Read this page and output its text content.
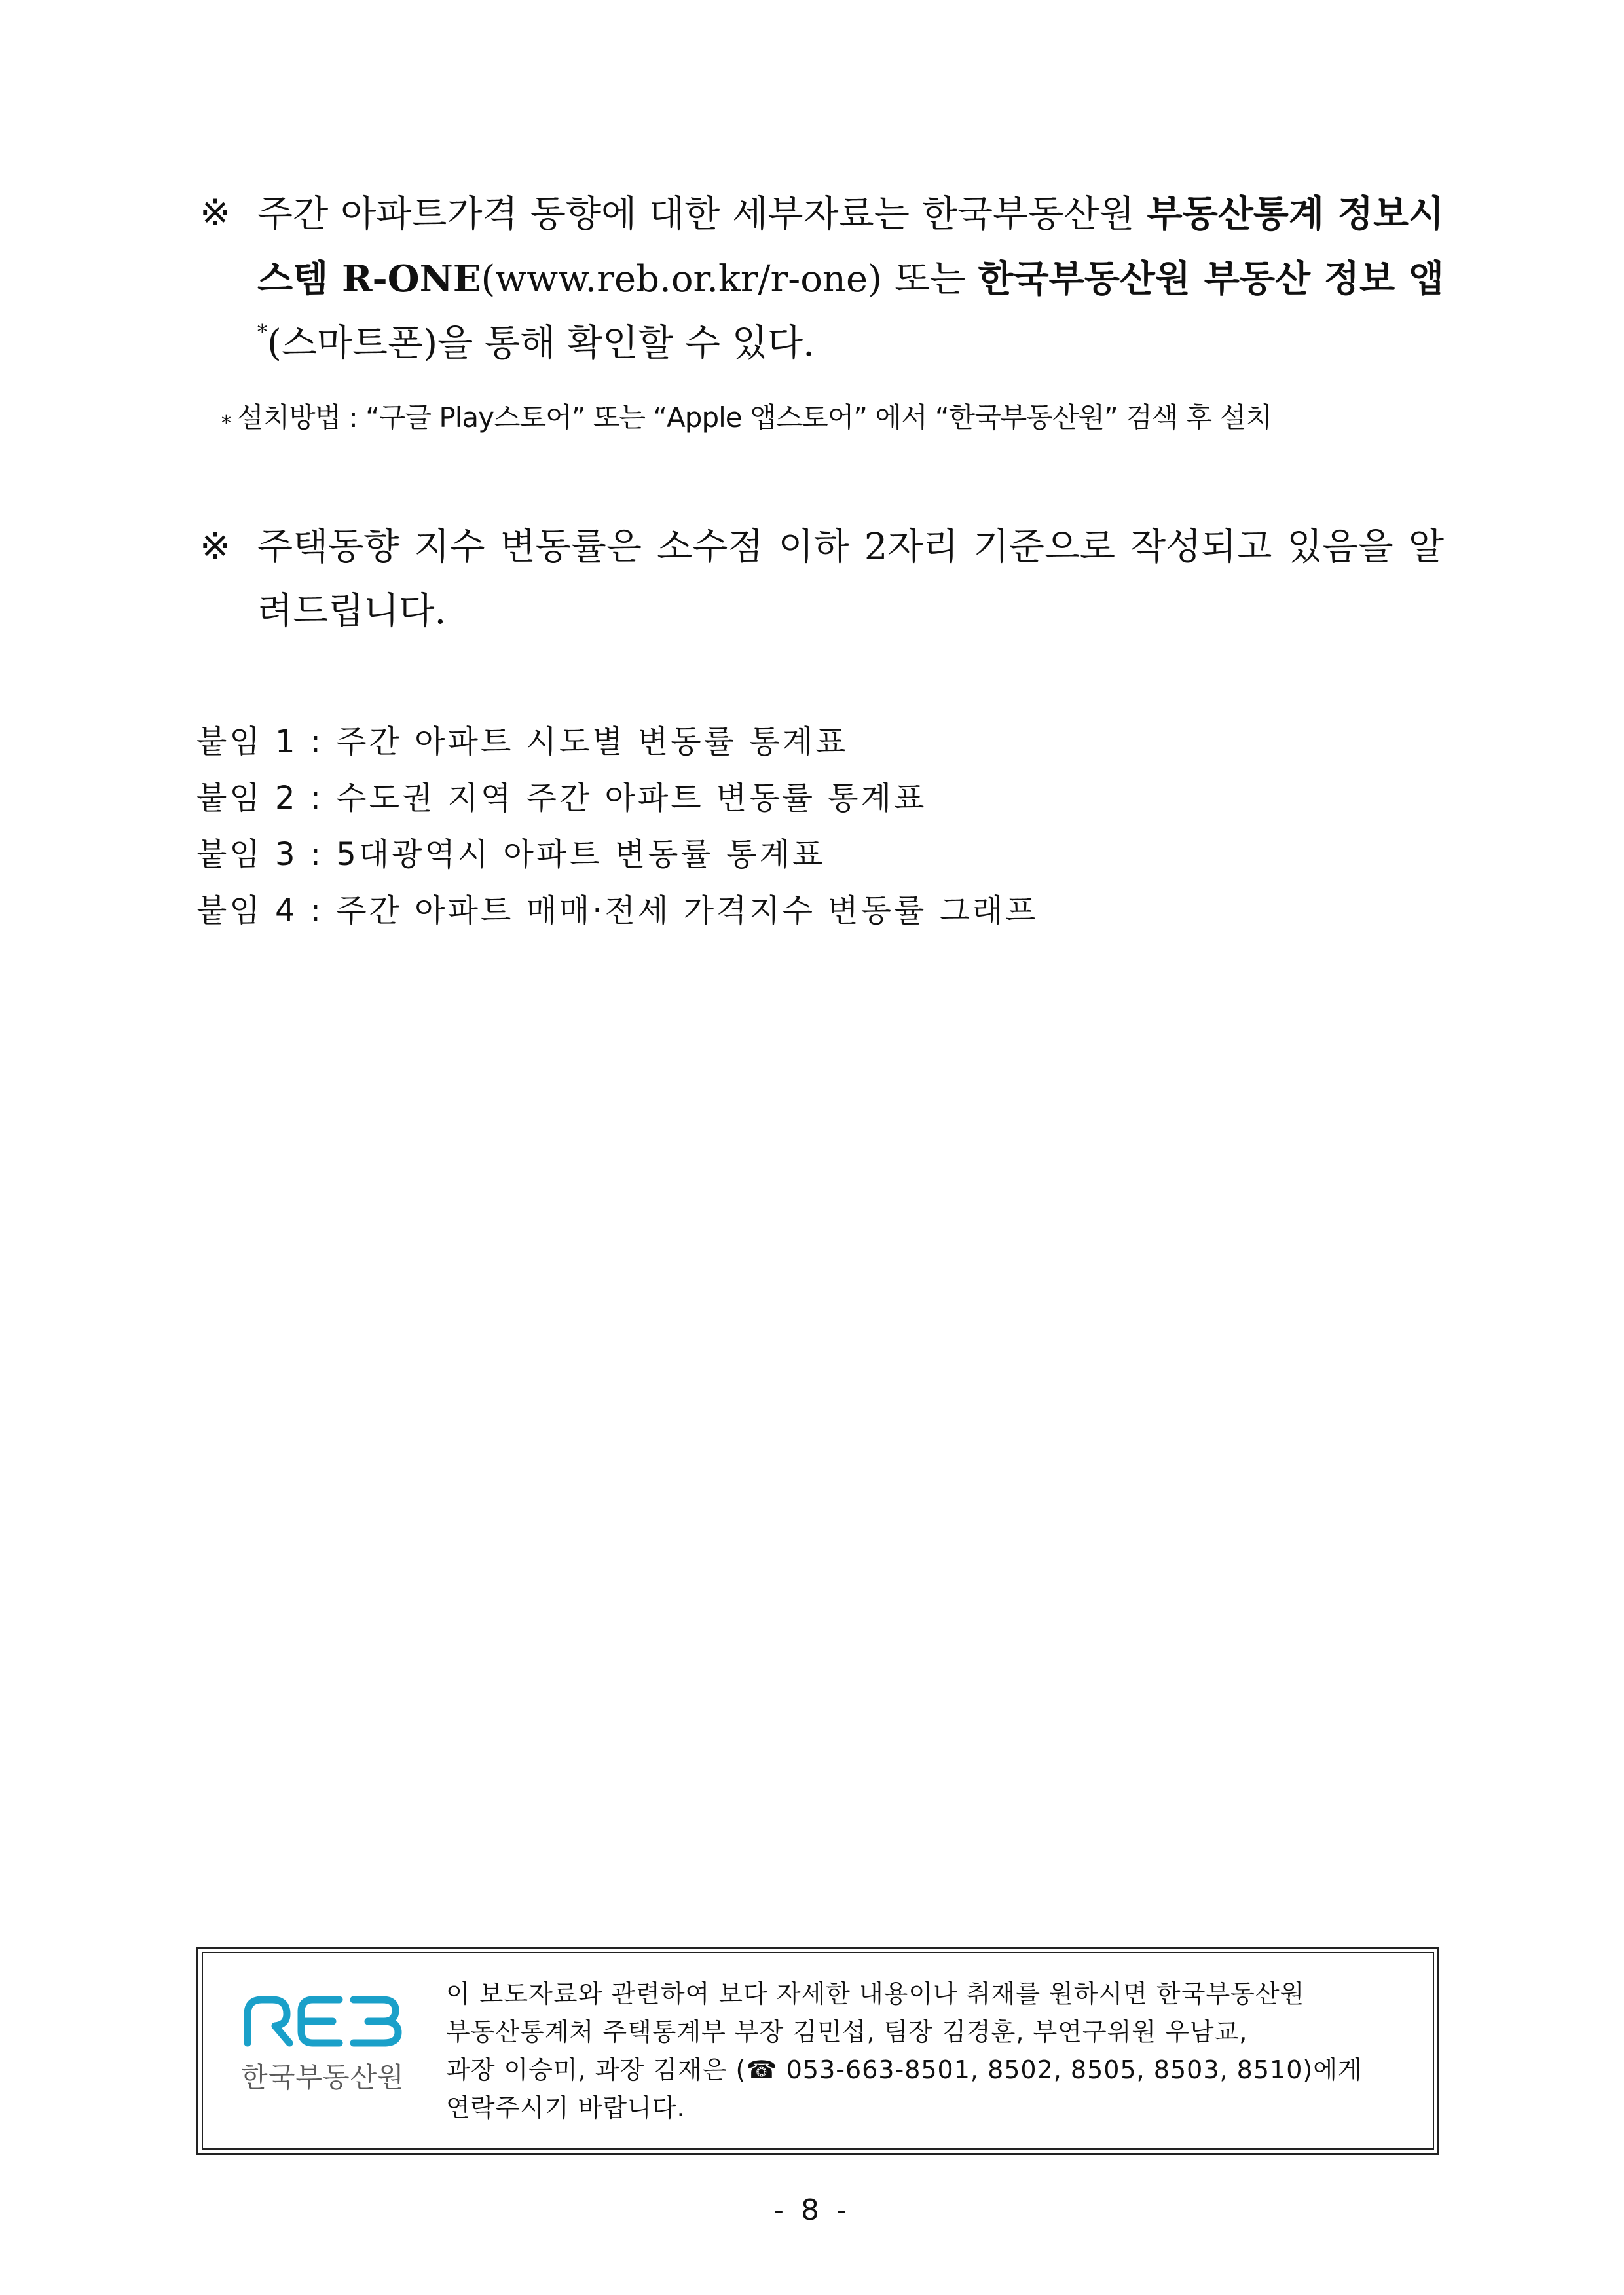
※ 주간 아파트가격 동향에 대한 세부자료는 한국부동산원 부동산통계 정보시스템 R-ONE(www.reb.or.kr/r-one) 또는 한국부동산원 부동산 정보 앱*(스마트폰)을 통해 확인할 수 있다.
* 설치방법 : “구글 Play스토어” 또는 “Apple 앱스토어” 에서 “한국부동산원” 검색 후 설치
※ 주택동향 지수 변동률은 소수점 이하 2자리 기준으로 작성되고 있음을 알려드립니다.
붙임 1 : 주간 아파트 시도별 변동률 통계표
붙임 2 : 수도권 지역 주간 아파트 변동률 통계표
붙임 3 : 5대광역시 아파트 변동률 통계표
붙임 4 : 주간 아파트 매매·전세 가격지수 변동률 그래프
한국부동산원

이 보도자료와 관련하여 보다 자세한 내용이나 취재를 원하시면 한국부동산원

부동산통계처 주택통계부 부장 김민섭, 팀장 김경훈, 부연구위원 우남교,

과장 이승미, 과장 김재은 (☎ 053-663-8501, 8502, 8505, 8503, 8510)에게

연락주시기 바랍니다.

- 8 -
